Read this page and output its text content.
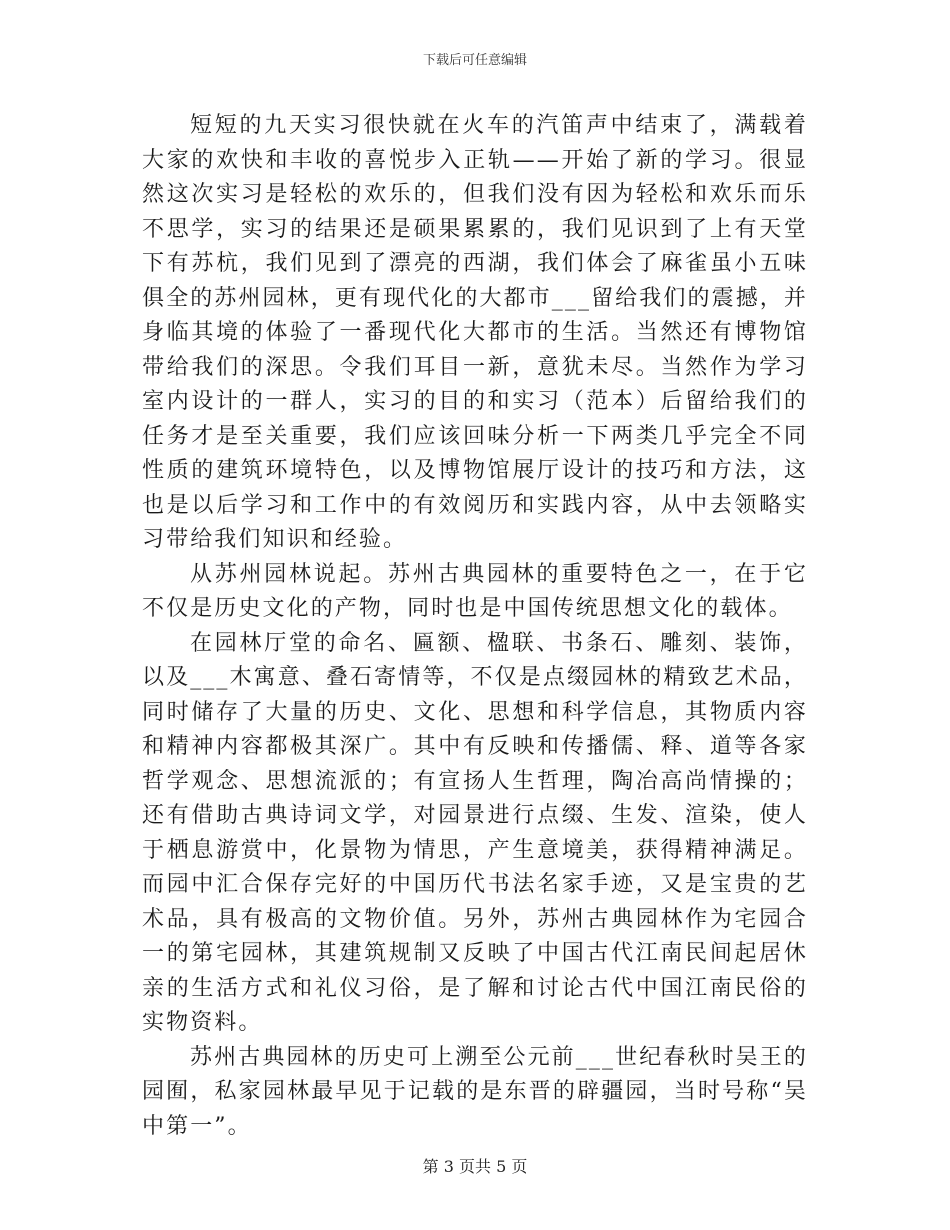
下载后可任意编辑

短短的九天实习很快就在火车的汽笛声中结束了，满载着大家的欢快和丰收的喜悦步入正轨——开始了新的学习。很显然这次实习是轻松的欢乐的，但我们没有因为轻松和欢乐而乐不思学，实习的结果还是硕果累累的，我们见识到了上有天堂下有苏杭，我们见到了漂亮的西湖，我们体会了麻雀虽小五味俱全的苏州园林，更有现代化的大都市___留给我们的震撼，并身临其境的体验了一番现代化大都市的生活。当然还有博物馆带给我们的深思。令我们耳目一新，意犹未尽。当然作为学习室内设计的一群人，实习的目的和实习（范本）后留给我们的任务才是至关重要，我们应该回味分析一下两类几乎完全不同性质的建筑环境特色，以及博物馆展厅设计的技巧和方法，这也是以后学习和工作中的有效阅历和实践内容，从中去领略实习带给我们知识和经验。

从苏州园林说起。苏州古典园林的重要特色之一，在于它不仅是历史文化的产物，同时也是中国传统思想文化的载体。

在园林厅堂的命名、匾额、楹联、书条石、雕刻、装饰，以及___木寓意、叠石寄情等，不仅是点缀园林的精致艺术品，同时储存了大量的历史、文化、思想和科学信息，其物质内容和精神内容都极其深广。其中有反映和传播儒、释、道等各家哲学观念、思想流派的；有宣扬人生哲理，陶冶高尚情操的；还有借助古典诗词文学，对园景进行点缀、生发、渲染，使人于栖息游赏中，化景物为情思，产生意境美，获得精神满足。而园中汇合保存完好的中国历代书法名家手迹，又是宝贵的艺术品，具有极高的文物价值。另外，苏州古典园林作为宅园合一的第宅园林，其建筑规制又反映了中国古代江南民间起居休亲的生活方式和礼仪习俗，是了解和讨论古代中国江南民俗的实物资料。

苏州古典园林的历史可上溯至公元前___世纪春秋时吴王的园囿，私家园林最早见于记载的是东晋的辟疆园，当时号称“吴中第一”。

第 3 页共 5 页
